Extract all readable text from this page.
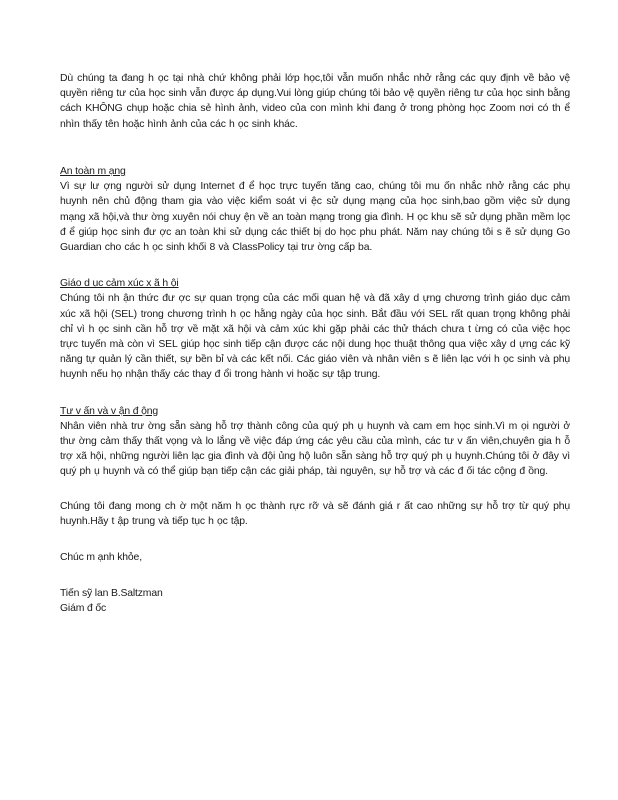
Dù chúng ta đang h ọc tại nhà chứ không phải lớp học,tôi vẫn muốn nhắc nhở rằng các quy định về bảo vệ quyền riêng tư của học sinh vẫn được áp dụng.Vui lòng giúp chúng tôi bảo vệ quyền riêng tư của học sinh bằng cách KHÔNG chụp hoặc chia sẻ hình ảnh, video của con mình khi đang ở trong phòng học Zoom nơi có th ể nhìn thấy tên hoặc hình ảnh của các h ọc sinh khác.

An toàn m ạng

Vì sự lư ợng người sử dụng Internet đ ể học trực tuyến tăng cao, chúng tôi mu ốn nhắc nhở rằng các phụ huynh nên chủ động tham gia vào việc kiểm soát vi ệc sử dụng mạng của học sinh,bao gồm việc sử dụng mạng xã hội,và thư ờng xuyên nói chuy ện về an toàn mạng trong gia đình. H ọc khu sẽ sử dụng phần mềm lọc đ ể giúp học sinh đư ợc an toàn khi sử dụng các thiết bị do học phu phát. Năm nay chúng tôi s ẽ sử dụng Go Guardian cho các h ọc sinh khối 8 và ClassPolicy tại trư ờng cấp ba.

Giáo d ục cảm xúc x ã h ội

Chúng tôi nh ận thức đư ợc sự quan trọng của các mối quan hệ và đã xây d ựng chương trình giáo dục cảm xúc xã hội (SEL) trong chương trình h ọc hằng ngày của học sinh. Bắt đầu với SEL rất quan trọng không phải chỉ vì h ọc sinh cần hỗ trợ về mặt xã hội và cảm xúc khi gặp phải các thử thách chưa t ừng có của việc học trực tuyến mà còn vì SEL giúp học sinh tiếp cận được các nội dung học thuật thông qua việc xây d ựng các kỹ năng tự quản lý cần thiết, sự bền bỉ và các kết nối. Các giáo viên và nhân viên s ẽ liên lạc với h ọc sinh và phụ huynh nếu họ nhận thấy các thay đ ổi trong hành vi hoặc sự tập trung.

Tư v ấn và v ận đ ộng

Nhân viên nhà trư ờng sẵn sàng hỗ trợ thành công của quý ph ụ huynh và cam em học sinh.Vì m ọi người ở thư ờng cảm thấy thất vọng và lo lắng về việc đáp ứng các yêu cầu của mình, các tư v ấn viên,chuyên gia h ỗ trợ xã hội, những người liên lạc gia đình và đội ủng hộ luôn sẵn sàng hỗ trợ quý ph ụ huynh.Chúng tôi ở đây vì quý ph ụ huynh và có thể giúp bạn tiếp cận các giải pháp, tài nguyên, sự hỗ trợ và các đ ối tác cộng đ ồng.

Chúng tôi đang mong ch ờ một năm h ọc thành rực rỡ và sẽ đánh giá r ất cao những sự hỗ trợ từ quý phụ huynh.Hãy t ập trung và tiếp tục h ọc tập.

Chúc m ạnh khỏe,

Tiến sỹ lan B.Saltzman

Giám đ ốc
